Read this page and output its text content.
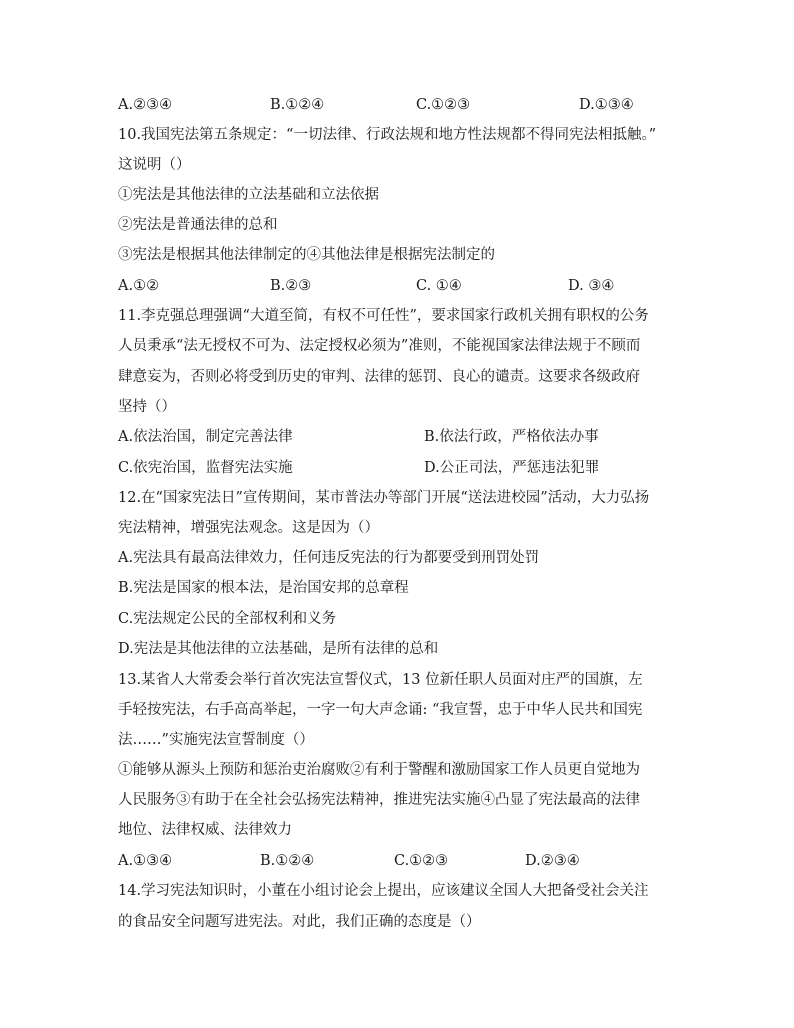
A.②③④	B.①②④	C.①②③	D.①③④
10.我国宪法第五条规定：“一切法律、行政法规和地方性法规都不得同宪法相抵触。”
这说明（）
①宪法是其他法律的立法基础和立法依据
②宪法是普通法律的总和
③宪法是根据其他法律制定的④其他法律是根据宪法制定的
A.①②	B.②③	C. ①④	D. ③④
11.李克强总理强调“大道至简，有权不可任性”，要求国家行政机关拥有职权的公务
人员秉承“法无授权不可为、法定授权必须为”准则，不能视国家法律法规于不顾而
肆意妄为，否则必将受到历史的审判、法律的惩罚、良心的谴责。这要求各级政府
坚持（）
A.依法治国，制定完善法律	B.依法行政，严格依法办事
C.依宪治国，监督宪法实施	D.公正司法，严惩违法犯罪
12.在“国家宪法日”宣传期间，某市普法办等部门开展“送法进校园”活动，大力弘扬
宪法精神，增强宪法观念。这是因为（）
A.宪法具有最高法律效力，任何违反宪法的行为都要受到刑罚处罚
B.宪法是国家的根本法，是治国安邦的总章程
C.宪法规定公民的全部权利和义务
D.宪法是其他法律的立法基础，是所有法律的总和
13.某省人大常委会举行首次宪法宣誓仪式，13 位新任职人员面对庄严的国旗，左
手轻按宪法，右手高高举起，一字一句大声念诵: “我宣誓，忠于中华人民共和国宪
法……”实施宪法宣誓制度（）
①能够从源头上预防和惩治吏治腐败②有利于警醒和激励国家工作人员更自觉地为
人民服务③有助于在全社会弘扬宪法精神，推进宪法实施④凸显了宪法最高的法律
地位、法律权威、法律效力
A.①③④	B.①②④	C.①②③	D.②③④
14.学习宪法知识时，小董在小组讨论会上提出，应该建议全国人大把备受社会关注
的食品安全问题写进宪法。对此，我们正确的态度是（）
